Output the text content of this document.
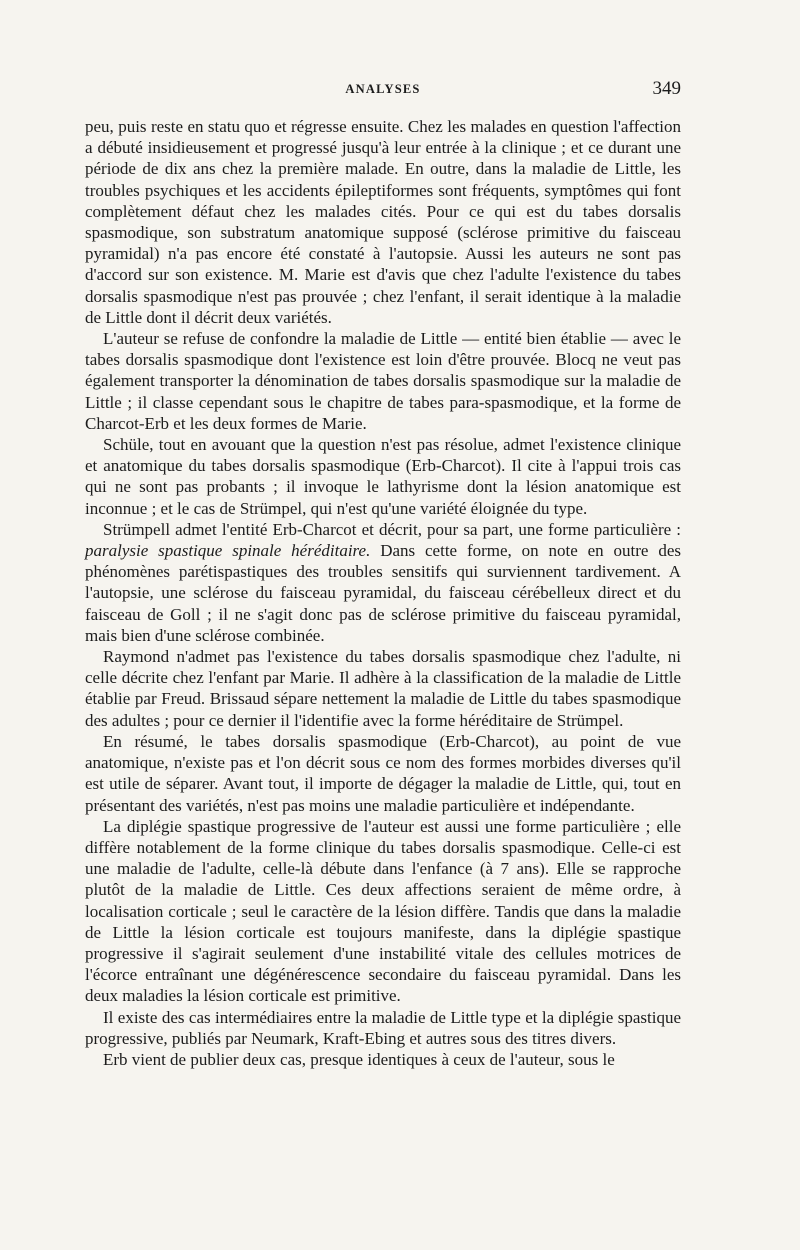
ANALYSES	349

peu, puis reste en statu quo et régresse ensuite. Chez les malades en question l'affection a débuté insidieusement et progressé jusqu'à leur entrée à la clinique ; et ce durant une période de dix ans chez la première malade. En outre, dans la maladie de Little, les troubles psychiques et les accidents épileptiformes sont fréquents, symptômes qui font complètement défaut chez les malades cités. Pour ce qui est du tabes dorsalis spasmodique, son substratum anatomique supposé (sclérose primitive du faisceau pyramidal) n'a pas encore été constaté à l'autopsie. Aussi les auteurs ne sont pas d'accord sur son existence. M. Marie est d'avis que chez l'adulte l'existence du tabes dorsalis spasmodique n'est pas prouvée ; chez l'enfant, il serait identique à la maladie de Little dont il décrit deux variétés.

L'auteur se refuse de confondre la maladie de Little — entité bien établie — avec le tabes dorsalis spasmodique dont l'existence est loin d'être prouvée. Blocq ne veut pas également transporter la dénomination de tabes dorsalis spasmodique sur la maladie de Little ; il classe cependant sous le chapitre de tabes para-spasmodique, et la forme de Charcot-Erb et les deux formes de Marie.

Schüle, tout en avouant que la question n'est pas résolue, admet l'existence clinique et anatomique du tabes dorsalis spasmodique (Erb-Charcot). Il cite à l'appui trois cas qui ne sont pas probants ; il invoque le lathyrisme dont la lésion anatomique est inconnue ; et le cas de Strümpel, qui n'est qu'une variété éloignée du type.

Strümpell admet l'entité Erb-Charcot et décrit, pour sa part, une forme particulière : paralysie spastique spinale héréditaire. Dans cette forme, on note en outre des phénomènes parétispastiques des troubles sensitifs qui surviennent tardivement. A l'autopsie, une sclérose du faisceau pyramidal, du faisceau cérébelleux direct et du faisceau de Goll ; il ne s'agit donc pas de sclérose primitive du faisceau pyramidal, mais bien d'une sclérose combinée.

Raymond n'admet pas l'existence du tabes dorsalis spasmodique chez l'adulte, ni celle décrite chez l'enfant par Marie. Il adhère à la classification de la maladie de Little établie par Freud. Brissaud sépare nettement la maladie de Little du tabes spasmodique des adultes ; pour ce dernier il l'identifie avec la forme héréditaire de Strümpel.

En résumé, le tabes dorsalis spasmodique (Erb-Charcot), au point de vue anatomique, n'existe pas et l'on décrit sous ce nom des formes morbides diverses qu'il est utile de séparer. Avant tout, il importe de dégager la maladie de Little, qui, tout en présentant des variétés, n'est pas moins une maladie particulière et indépendante.

La diplégie spastique progressive de l'auteur est aussi une forme particulière ; elle diffère notablement de la forme clinique du tabes dorsalis spasmodique. Celle-ci est une maladie de l'adulte, celle-là débute dans l'enfance (à 7 ans). Elle se rapproche plutôt de la maladie de Little. Ces deux affections seraient de même ordre, à localisation corticale ; seul le caractère de la lésion diffère. Tandis que dans la maladie de Little la lésion corticale est toujours manifeste, dans la diplégie spastique progressive il s'agirait seulement d'une instabilité vitale des cellules motrices de l'écorce entraînant une dégénérescence secondaire du faisceau pyramidal. Dans les deux maladies la lésion corticale est primitive.

Il existe des cas intermédiaires entre la maladie de Little type et la diplégie spastique progressive, publiés par Neumark, Kraft-Ebing et autres sous des titres divers.

Erb vient de publier deux cas, presque identiques à ceux de l'auteur, sous le
